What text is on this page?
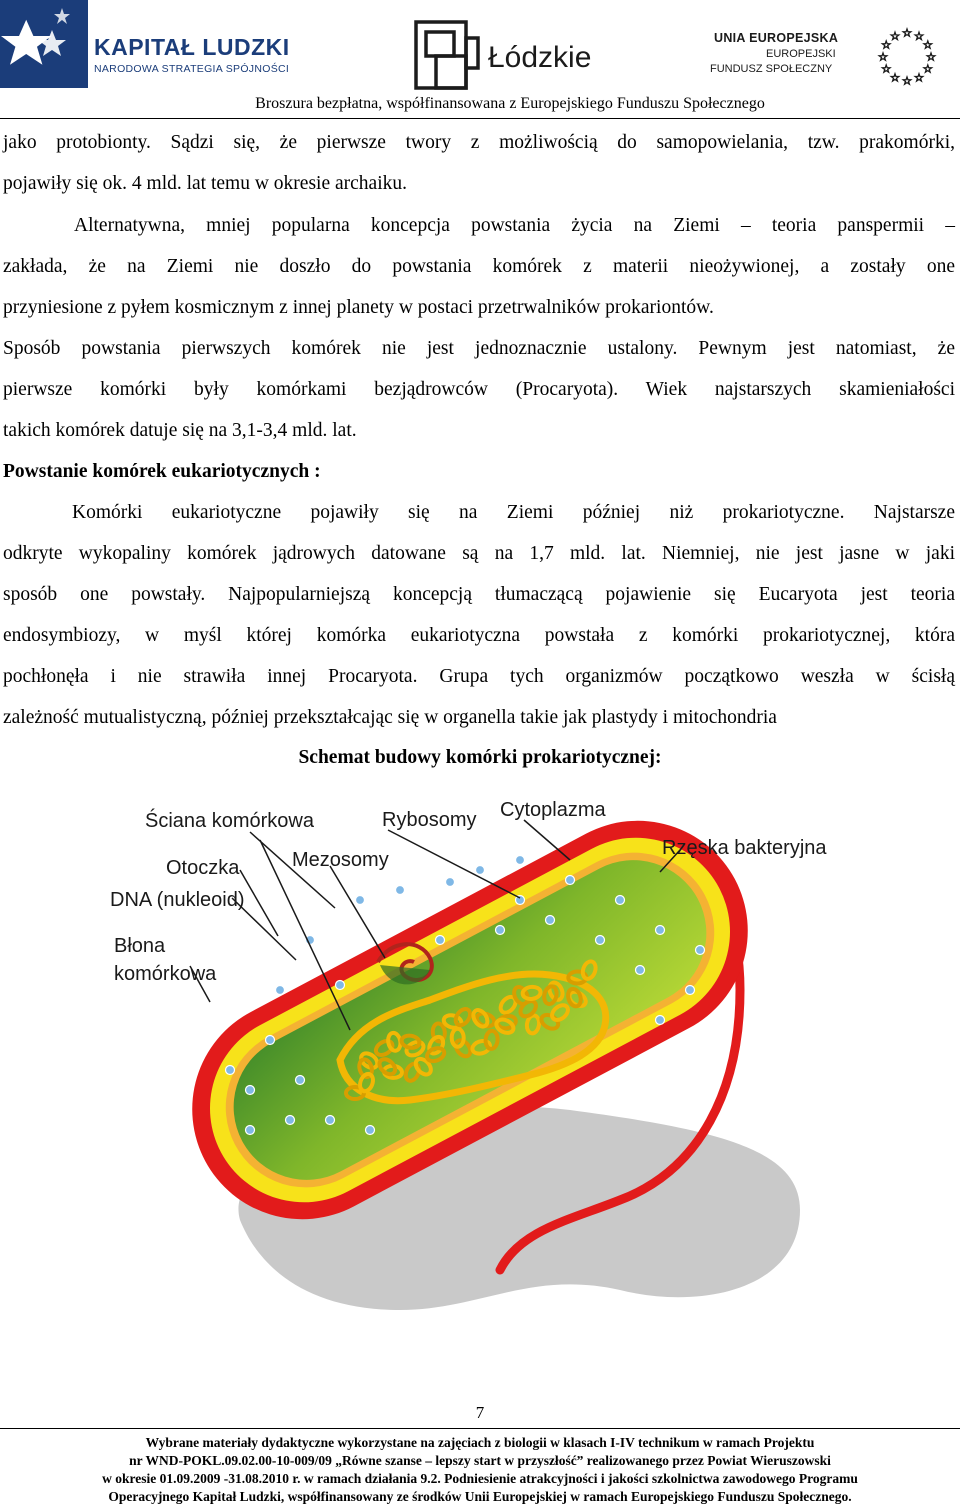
KAPITAŁ LUDZKI
NARODOWA STRATEGIA SPÓJNOŚCI	Łódzkie
UNIA EUROPEJSKA
EUROPEJSKI
FUNDUSZ SPOŁECZNY
Broszura bezpłatna, współfinansowana z Europejskiego Funduszu Społecznego
jako protobionty. Sądzi się, że pierwsze twory z możliwością do samopowielania, tzw. prakomórki,
pojawiły się ok. 4 mld. lat temu w okresie archaiku.
Alternatywna, mniej popularna koncepcja powstania życia na Ziemi – teoria panspermii –
zakłada, że na Ziemi nie doszło do powstania komórek z materii nieożywionej, a zostały one
przyniesione z pyłem kosmicznym z innej planety w postaci przetrwalników prokariontów.
Sposób powstania pierwszych komórek nie jest jednoznacznie ustalony. Pewnym jest natomiast, że
pierwsze komórki były komórkami bezjądrowców (Procaryota). Wiek najstarszych skamieniałości
takich komórek datuje się na 3,1-3,4 mld. lat.
Powstanie komórek eukariotycznych :
Komórki eukariotyczne pojawiły się na Ziemi później niż prokariotyczne. Najstarsze
odkryte wykopaliny komórek jądrowych datowane są na 1,7 mld. lat. Niemniej, nie jest jasne w jaki
sposób one powstały. Najpopularniejszą koncepcją tłumaczącą pojawienie się Eucaryota jest teoria
endosymbiozy, w myśl której komórka eukariotyczna powstała z komórki prokariotycznej, która
pochłonęła i nie strawiła innej Procaryota. Grupa tych organizmów początkowo weszła w ścisłą
zależność mutualistyczną, później przekształcając się w organella takie jak plastydy i mitochondria
Schemat budowy komórki prokariotycznej:
Ściana komórkowa	Rybosomy Cytoplazma
Otoczka	Mezosomy
Rzęska bakteryjna
DNA (nukleoid)
Błona
komórkowa
7
Wybrane materiały dydaktyczne wykorzystane na zajęciach z biologii w klasach I-IV technikum w ramach Projektu
nr WND-POKL.09.02.00-10-009/09 „Równe szanse – lepszy start w przyszłość” realizowanego przez Powiat Wieruszowski
w okresie 01.09.2009 -31.08.2010 r. w ramach działania 9.2. Podniesienie atrakcyjności i jakości szkolnictwa zawodowego Programu
Operacyjnego Kapitał Ludzki, współfinansowany ze środków Unii Europejskiej w ramach Europejskiego Funduszu Społecznego.
